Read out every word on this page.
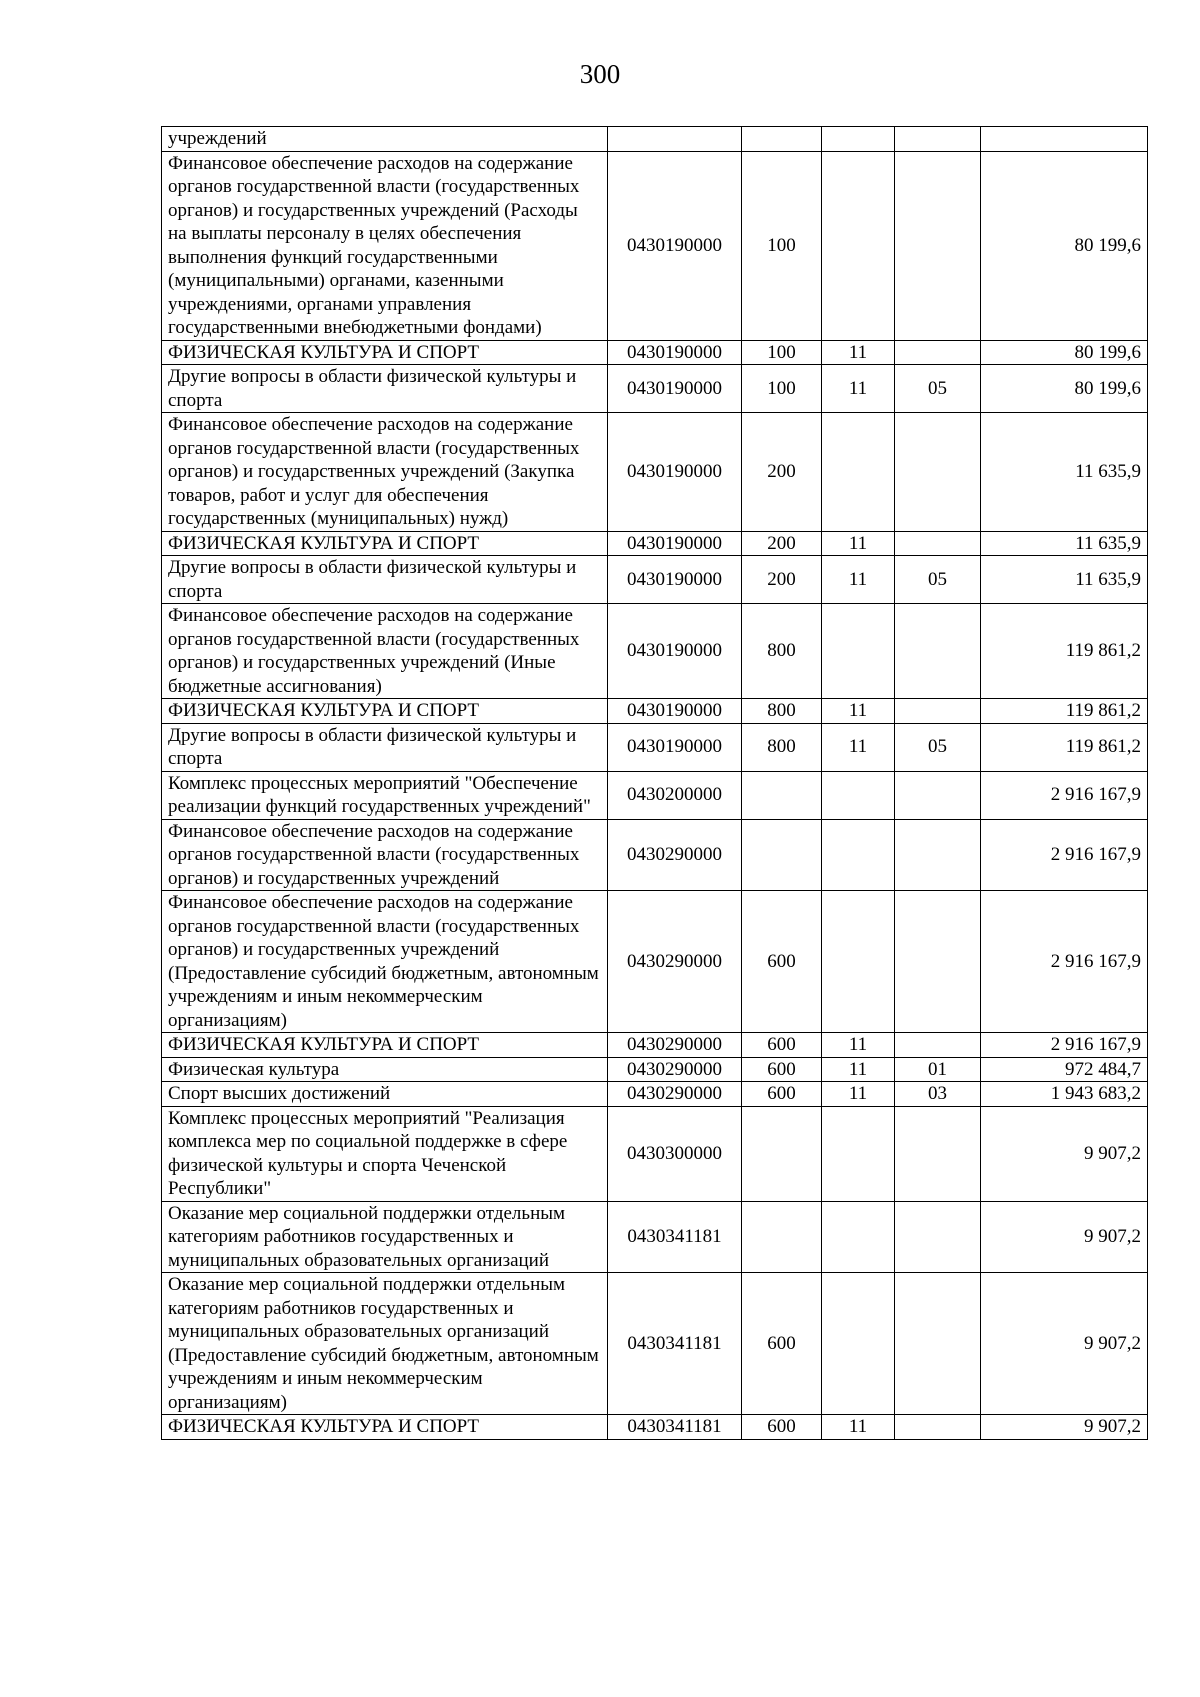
300
учреждений					
Финансовое обеспечение расходов на содержание органов государственной власти (государственных органов) и государственных учреждений (Расходы на выплаты персоналу в целях обеспечения выполнения функций государственными (муниципальными) органами, казенными учреждениями, органами управления государственными внебюджетными фондами)	0430190000	100			80 199,6
ФИЗИЧЕСКАЯ КУЛЬТУРА И СПОРТ	0430190000	100	11		80 199,6
Другие вопросы в области физической культуры и спорта	0430190000	100	11	05	80 199,6
Финансовое обеспечение расходов на содержание органов государственной власти (государственных органов) и государственных учреждений (Закупка товаров, работ и услуг для обеспечения государственных (муниципальных) нужд)	0430190000	200			11 635,9
ФИЗИЧЕСКАЯ КУЛЬТУРА И СПОРТ	0430190000	200	11		11 635,9
Другие вопросы в области физической культуры и спорта	0430190000	200	11	05	11 635,9
Финансовое обеспечение расходов на содержание органов государственной власти (государственных органов) и государственных учреждений (Иные бюджетные ассигнования)	0430190000	800			119 861,2
ФИЗИЧЕСКАЯ КУЛЬТУРА И СПОРТ	0430190000	800	11		119 861,2
Другие вопросы в области физической культуры и спорта	0430190000	800	11	05	119 861,2
Комплекс процессных мероприятий "Обеспечение реализации функций государственных учреждений"	0430200000				2 916 167,9
Финансовое обеспечение расходов на содержание органов государственной власти (государственных органов) и государственных учреждений	0430290000				2 916 167,9
Финансовое обеспечение расходов на содержание органов государственной власти (государственных органов) и государственных учреждений (Предоставление субсидий бюджетным, автономным учреждениям и иным некоммерческим организациям)	0430290000	600			2 916 167,9
ФИЗИЧЕСКАЯ КУЛЬТУРА И СПОРТ	0430290000	600	11		2 916 167,9
Физическая культура	0430290000	600	11	01	972 484,7
Спорт высших достижений	0430290000	600	11	03	1 943 683,2
Комплекс процессных мероприятий "Реализация комплекса мер по социальной поддержке в сфере физической культуры и спорта Чеченской Республики"	0430300000				9 907,2
Оказание мер социальной поддержки отдельным категориям работников государственных и муниципальных образовательных организаций	0430341181				9 907,2
Оказание мер социальной поддержки отдельным категориям работников государственных и муниципальных образовательных организаций (Предоставление субсидий бюджетным, автономным учреждениям и иным некоммерческим организациям)	0430341181	600			9 907,2
ФИЗИЧЕСКАЯ КУЛЬТУРА И СПОРТ	0430341181	600	11		9 907,2
